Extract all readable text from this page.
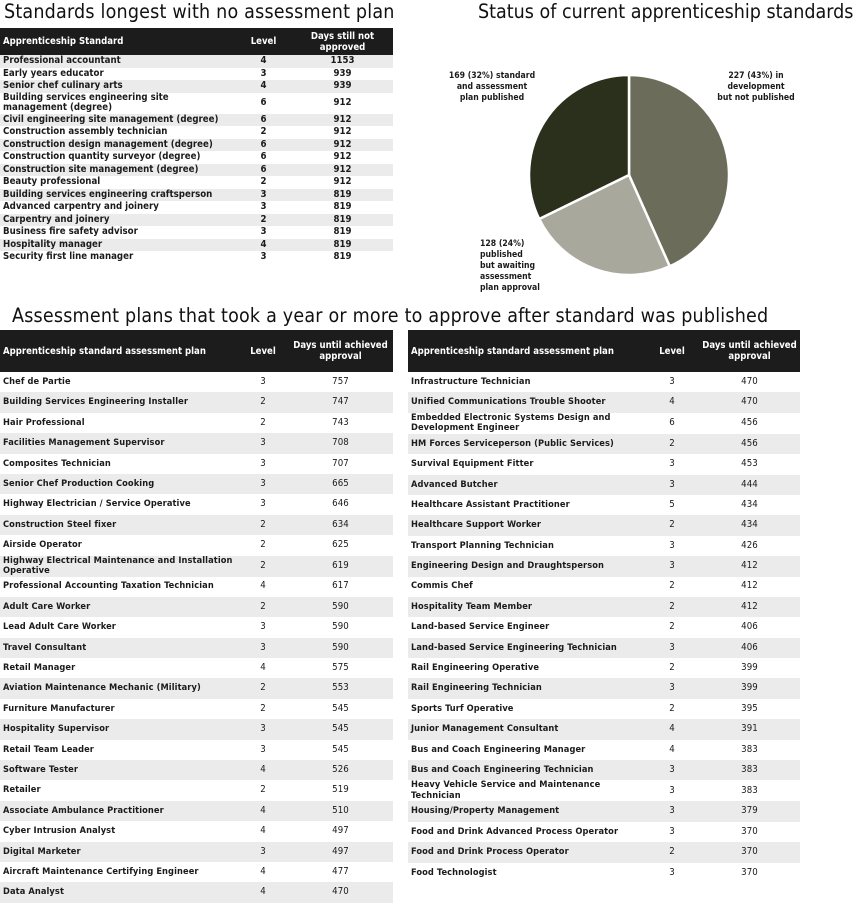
Standards longest with no assessment plan	Status of current apprenticeship standards
Assessment plans that took a year or more to approve after standard was published
Apprenticeship Standard	Level	Days still not approved
Professional accountant	4	1153
Early years educator	3	939
Senior chef culinary arts	4	939
Building services engineering site management (degree)	6	912
Civil engineering site management (degree)	6	912
Construction assembly technician	2	912
Construction design management (degree)	6	912
Construction quantity surveyor (degree)	6	912
Construction site management (degree)	6	912
Beauty professional	2	912
Building services engineering craftsperson	3	819
Advanced carpentry and joinery	3	819
Carpentry and joinery	2	819
Business fire safety advisor	3	819
Hospitality manager	4	819
Security first line manager	3	819
227 (43%) in development but not published
128 (24%) published but awaiting assessment plan approval
169 (32%) standard and assessment plan published
Apprenticeship standard assessment plan	Level	Days until achieved approval
Chef de Partie	3	757
Building Services Engineering Installer	2	747
Hair Professional	2	743
Facilities Management Supervisor	3	708
Composites Technician	3	707
Senior Chef Production Cooking	3	665
Highway Electrician / Service Operative	3	646
Construction Steel fixer	2	634
Airside Operator	2	625
Highway Electrical Maintenance and Installation Operative	2	619
Professional Accounting Taxation Technician	4	617
Adult Care Worker	2	590
Lead Adult Care Worker	3	590
Travel Consultant	3	590
Retail Manager	4	575
Aviation Maintenance Mechanic (Military)	2	553
Furniture Manufacturer	2	545
Hospitality Supervisor	3	545
Retail Team Leader	3	545
Software Tester	4	526
Retailer	2	519
Associate Ambulance Practitioner	4	510
Cyber Intrusion Analyst	4	497
Digital Marketer	3	497
Aircraft Maintenance Certifying Engineer	4	477
Data Analyst	4	470
Apprenticeship standard assessment plan	Level	Days until achieved approval
Infrastructure Technician	3	470
Unified Communications Trouble Shooter	4	470
Embedded Electronic Systems Design and Development Engineer	6	456
HM Forces Serviceperson (Public Services)	2	456
Survival Equipment Fitter	3	453
Advanced Butcher	3	444
Healthcare Assistant Practitioner	5	434
Healthcare Support Worker	2	434
Transport Planning Technician	3	426
Engineering Design and Draughtsperson	3	412
Commis Chef	2	412
Hospitality Team Member	2	412
Land-based Service Engineer	2	406
Land-based Service Engineering Technician	3	406
Rail Engineering Operative	2	399
Rail Engineering Technician	3	399
Sports Turf Operative	2	395
Junior Management Consultant	4	391
Bus and Coach Engineering Manager	4	383
Bus and Coach Engineering Technician	3	383
Heavy Vehicle Service and Maintenance Technician	3	383
Housing/Property Management	3	379
Food and Drink Advanced Process Operator	3	370
Food and Drink Process Operator	2	370
Food Technologist	3	370
